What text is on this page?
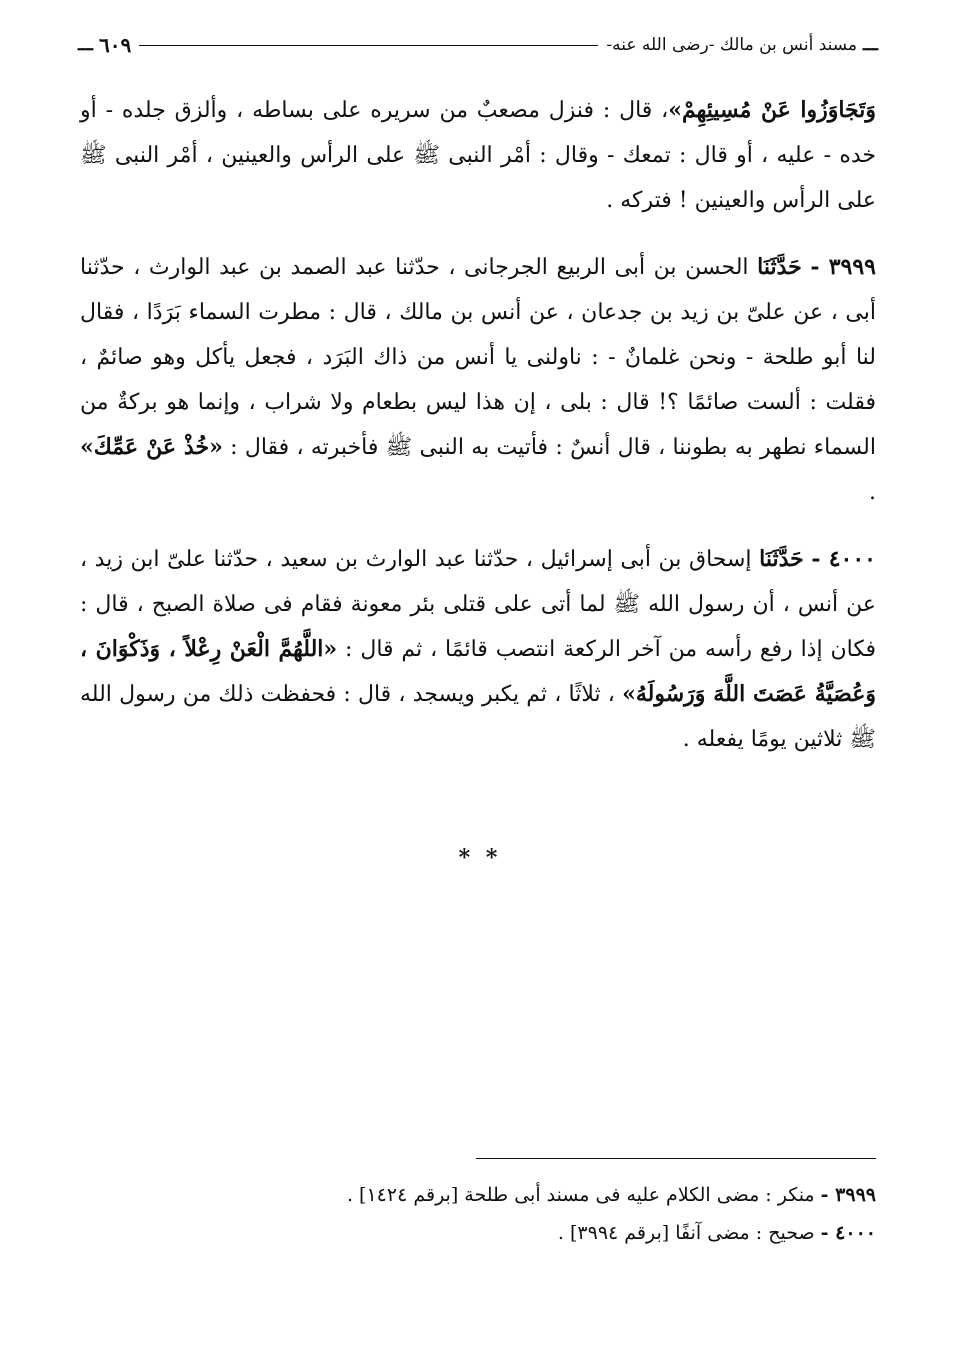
ـــ
مسند أنس بن مالك -رضى الله عنه-
٦٠٩
ـــ

وَتَجَاوَزُوا عَنْ مُسِيئِهِمْ»، قال : فنزل مصعبٌ من سريره على بساطه ، وألزق جلده - أو خده - عليه ، أو قال : تمعك - وقال : أمْر النبى ﷺ على الرأس والعينين ، أمْر النبى ﷺ على الرأس والعينين ! فتركه .

٣٩٩٩ - حَدَّثَنَا الحسن بن أبى الربيع الجرجانى ، حدّثنا عبد الصمد بن عبد الوارث ، حدّثنا أبى ، عن علىّ بن زيد بن جدعان ، عن أنس بن مالك ، قال : مطرت السماء بَرَدًا ، فقال لنا أبو طلحة - ونحن غلمانٌ - : ناولنى يا أنس من ذاك البَرَد ، فجعل يأكل وهو صائمٌ ، فقلت : ألست صائمًا ؟! قال : بلى ، إن هذا ليس بطعام ولا شراب ، وإنما هو بركةٌ من السماء نطهر به بطوننا ، قال أنسٌ : فأتيت به النبى ﷺ فأخبرته ، فقال : «خُذْ عَنْ عَمِّكَ» .

٤٠٠٠ - حَدَّثَنَا إسحاق بن أبى إسرائيل ، حدّثنا عبد الوارث بن سعيد ، حدّثنا علىّ ابن زيد ، عن أنس ، أن رسول الله ﷺ لما أتى على قتلى بئر معونة فقام فى صلاة الصبح ، قال : فكان إذا رفع رأسه من آخر الركعة انتصب قائمًا ، ثم قال : «اللَّهُمَّ الْعَنْ رِعْلاً ، وَذَكْوَانَ ، وَعُصَيَّةُ عَصَتَ اللَّهَ وَرَسُولَهُ» ، ثلاثًا ، ثم يكبر ويسجد ، قال : فحفظت ذلك من رسول الله ﷺ ثلاثين يومًا يفعله .

* *

٣٩٩٩ - منكر : مضى الكلام عليه فى مسند أبى طلحة [برقم ١٤٢٤] .

٤٠٠٠ - صحيح : مضى آنفًا [برقم ٣٩٩٤] .
